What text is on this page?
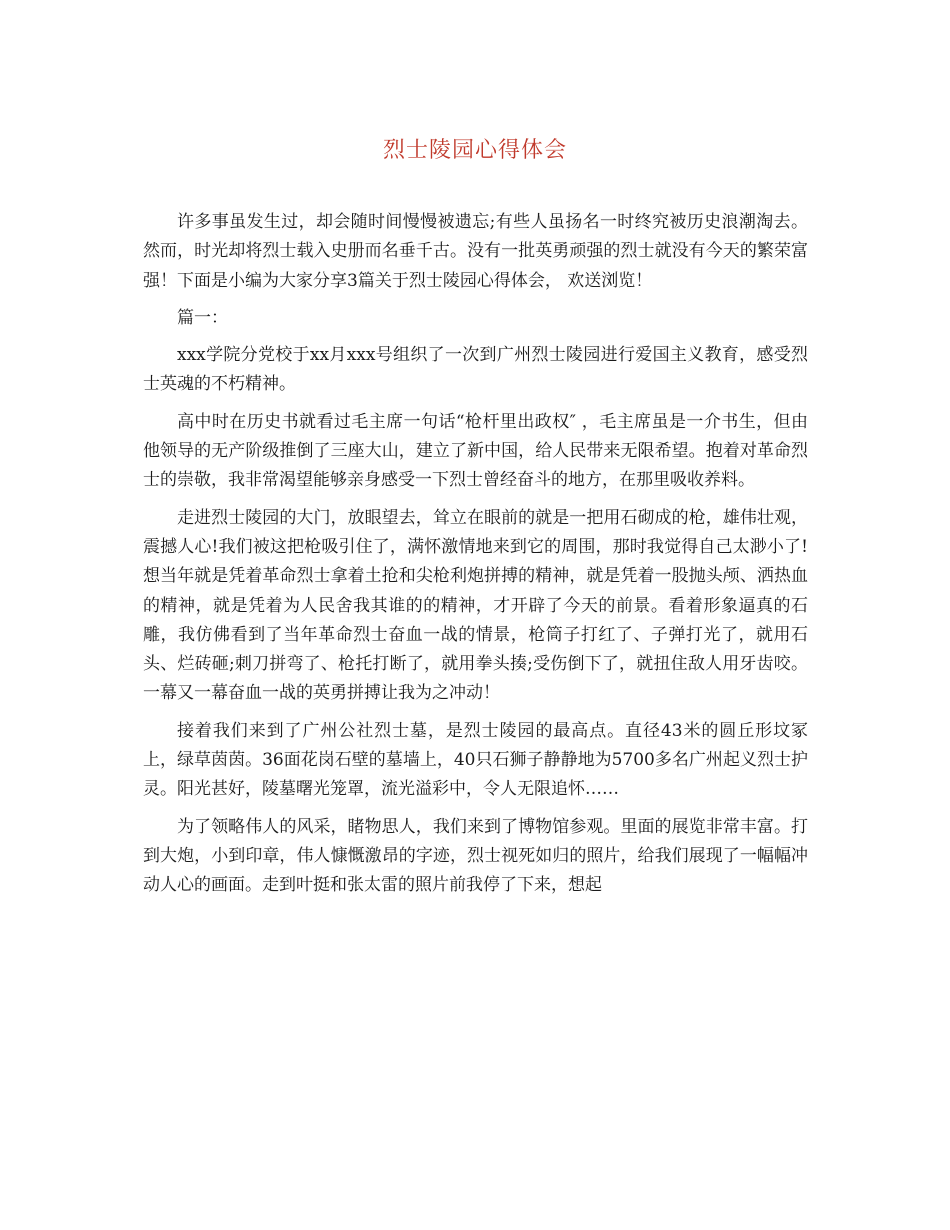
烈士陵园心得体会

许多事虽发生过，却会随时间慢慢被遗忘;有些人虽扬名一时终究被历史浪潮淘去。然而，时光却将烈士载入史册而名垂千古。没有一批英勇顽强的烈士就没有今天的繁荣富强！下面是小编为大家分享3篇关于烈士陵园心得体会， 欢送浏览！

篇一：

xxx学院分党校于xx月xxx号组织了一次到广州烈士陵园进行爱国主义教育，感受烈士英魂的不朽精神。

高中时在历史书就看过毛主席一句话“枪杆里出政权″ ，毛主席虽是一介书生，但由他领导的无产阶级推倒了三座大山，建立了新中国，给人民带来无限希望。抱着对革命烈士的崇敬，我非常渴望能够亲身感受一下烈士曾经奋斗的地方，在那里吸收养料。

走进烈士陵园的大门，放眼望去，耸立在眼前的就是一把用石砌成的枪，雄伟壮观，震撼人心!我们被这把枪吸引住了，满怀激情地来到它的周围，那时我觉得自己太渺小了!想当年就是凭着革命烈士拿着土抢和尖枪利炮拼搏的精神，就是凭着一股抛头颅、洒热血的精神，就是凭着为人民舍我其谁的的精神，才开辟了今天的前景。看着形象逼真的石雕，我仿佛看到了当年革命烈士奋血一战的情景，枪筒子打红了、子弹打光了，就用石头、烂砖砸;刺刀拼弯了、枪托打断了，就用拳头揍;受伤倒下了，就扭住敌人用牙齿咬。一幕又一幕奋血一战的英勇拼搏让我为之冲动！

接着我们来到了广州公社烈士墓，是烈士陵园的最高点。直径43米的圆丘形坟冢上，绿草茵茵。36面花岗石壁的墓墙上，40只石狮子静静地为5700多名广州起义烈士护灵。阳光甚好，陵墓曙光笼罩，流光溢彩中，令人无限追怀……

为了领略伟人的风采，睹物思人，我们来到了博物馆参观。里面的展览非常丰富。打到大炮，小到印章，伟人慷慨激昂的字迹，烈士视死如归的照片，给我们展现了一幅幅冲动人心的画面。走到叶挺和张太雷的照片前我停了下来，想起
